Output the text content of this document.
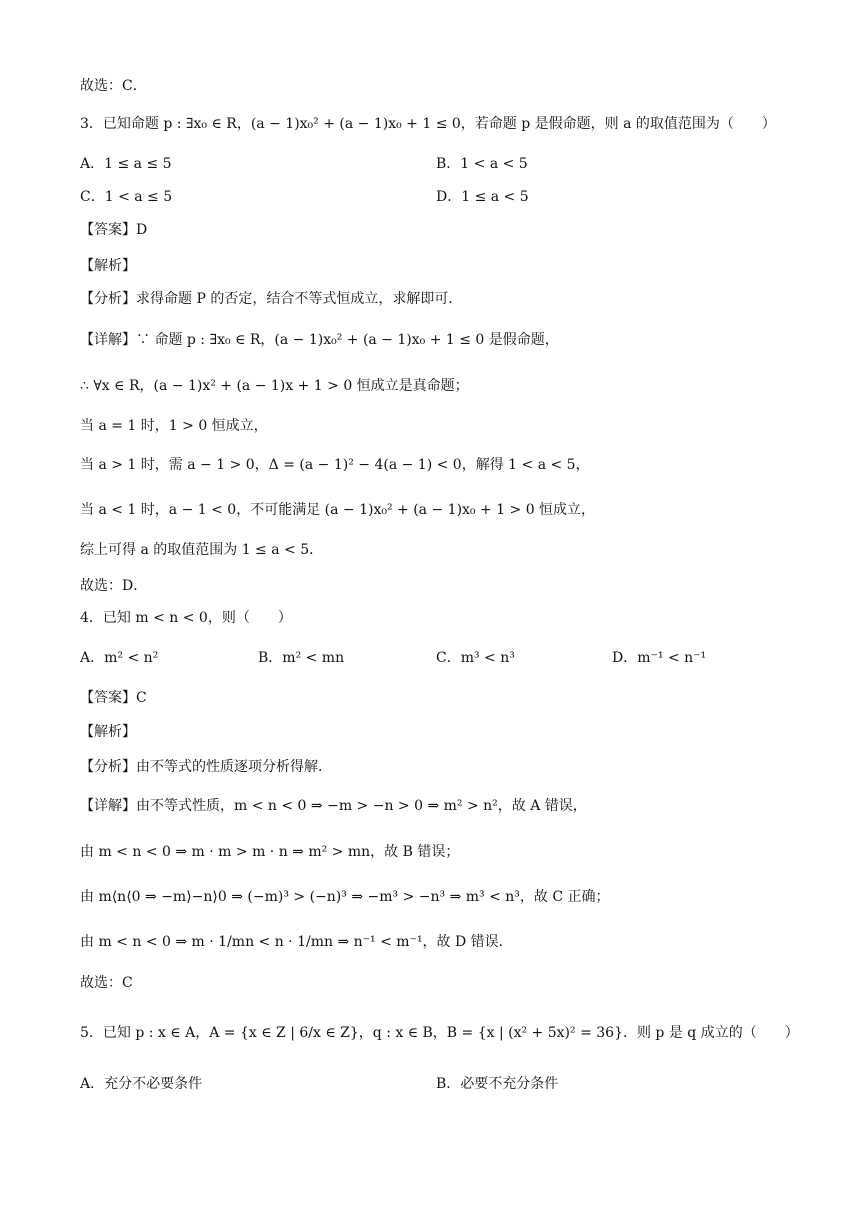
故选：C．
3．已知命题 p : ∃x₀ ∈ R，(a − 1)x₀² + (a − 1)x₀ + 1 ≤ 0，若命题 p 是假命题，则 a 的取值范围为（　　）
【答案】D
【解析】
【分析】求得命题 P 的否定，结合不等式恒成立，求解即可．
【详解】∵ 命题 p : ∃x₀ ∈ R，(a − 1)x₀² + (a − 1)x₀ + 1 ≤ 0 是假命题，
∴ ∀x ∈ R，(a − 1)x² + (a − 1)x + 1 > 0 恒成立是真命题；
当 a = 1 时，1 > 0 恒成立，
当 a > 1 时，需 a − 1 > 0，Δ = (a − 1)² − 4(a − 1) < 0，解得 1 < a < 5，
当 a < 1 时，a − 1 < 0，不可能满足 (a − 1)x₀² + (a − 1)x₀ + 1 > 0 恒成立，
综上可得 a 的取值范围为 1 ≤ a < 5．
故选：D．
4．已知 m < n < 0，则（　　）
【答案】C
【解析】
【分析】由不等式的性质逐项分析得解．
【详解】由不等式性质，m < n < 0 ⇒ −m > −n > 0 ⇒ m² > n²，故 A 错误，
由 m < n < 0 ⇒ m · m > m · n ⇒ m² > mn，故 B 错误；
由 m⟨n⟨0 ⇒ −m⟩−n⟩0 ⇒ (−m)³ > (−n)³ ⇒ −m³ > −n³ ⇒ m³ < n³，故 C 正确；
由 m < n < 0 ⇒ m · 1/mn < n · 1/mn ⇒ n⁻¹ < m⁻¹，故 D 错误．
故选：C
5．已知 p : x ∈ A，A = {x ∈ Z | 6/x ∈ Z}，q : x ∈ B，B = {x | (x² + 5x)² = 36}．则 p 是 q 成立的（　　）
A．1 ≤ a ≤ 5	B．1 < a < 5
C．1 < a ≤ 5	D．1 ≤ a < 5
A．m² < n²	B．m² < mn	C．m³ < n³	D．m⁻¹ < n⁻¹
A．充分不必要条件	B．必要不充分条件
